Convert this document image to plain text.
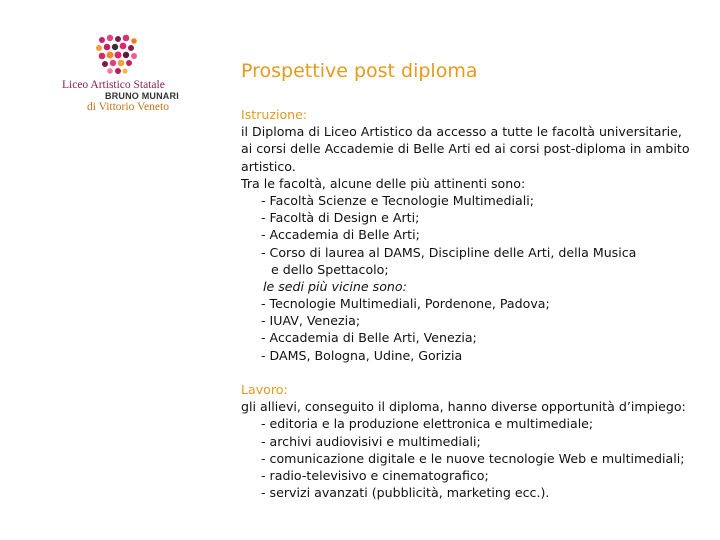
Liceo Artistico Statale
BRUNO MUNARI
di Vittorio Veneto
Prospettive post diploma
Istruzione:
il Diploma di Liceo Artistico da accesso a tutte le facoltà universitarie,
ai corsi delle Accademie di Belle Arti ed ai corsi post-diploma in ambito
artistico.
Tra le facoltà, alcune delle più attinenti sono:
- Facoltà Scienze e Tecnologie Multimediali;
- Facoltà di Design e Arti;
- Accademia di Belle Arti;
- Corso di laurea al DAMS, Discipline delle Arti, della Musica
e dello Spettacolo;
le sedi più vicine sono:
- Tecnologie Multimediali, Pordenone, Padova;
- IUAV, Venezia;
- Accademia di Belle Arti, Venezia;
- DAMS, Bologna, Udine, Gorizia
Lavoro:
gli allievi, conseguito il diploma, hanno diverse opportunità d’impiego:
- editoria e la produzione elettronica e multimediale;
- archivi audiovisivi e multimediali;
- comunicazione digitale e le nuove tecnologie Web e multimediali;
- radio-televisivo e cinematografico;
- servizi avanzati (pubblicità, marketing ecc.).
